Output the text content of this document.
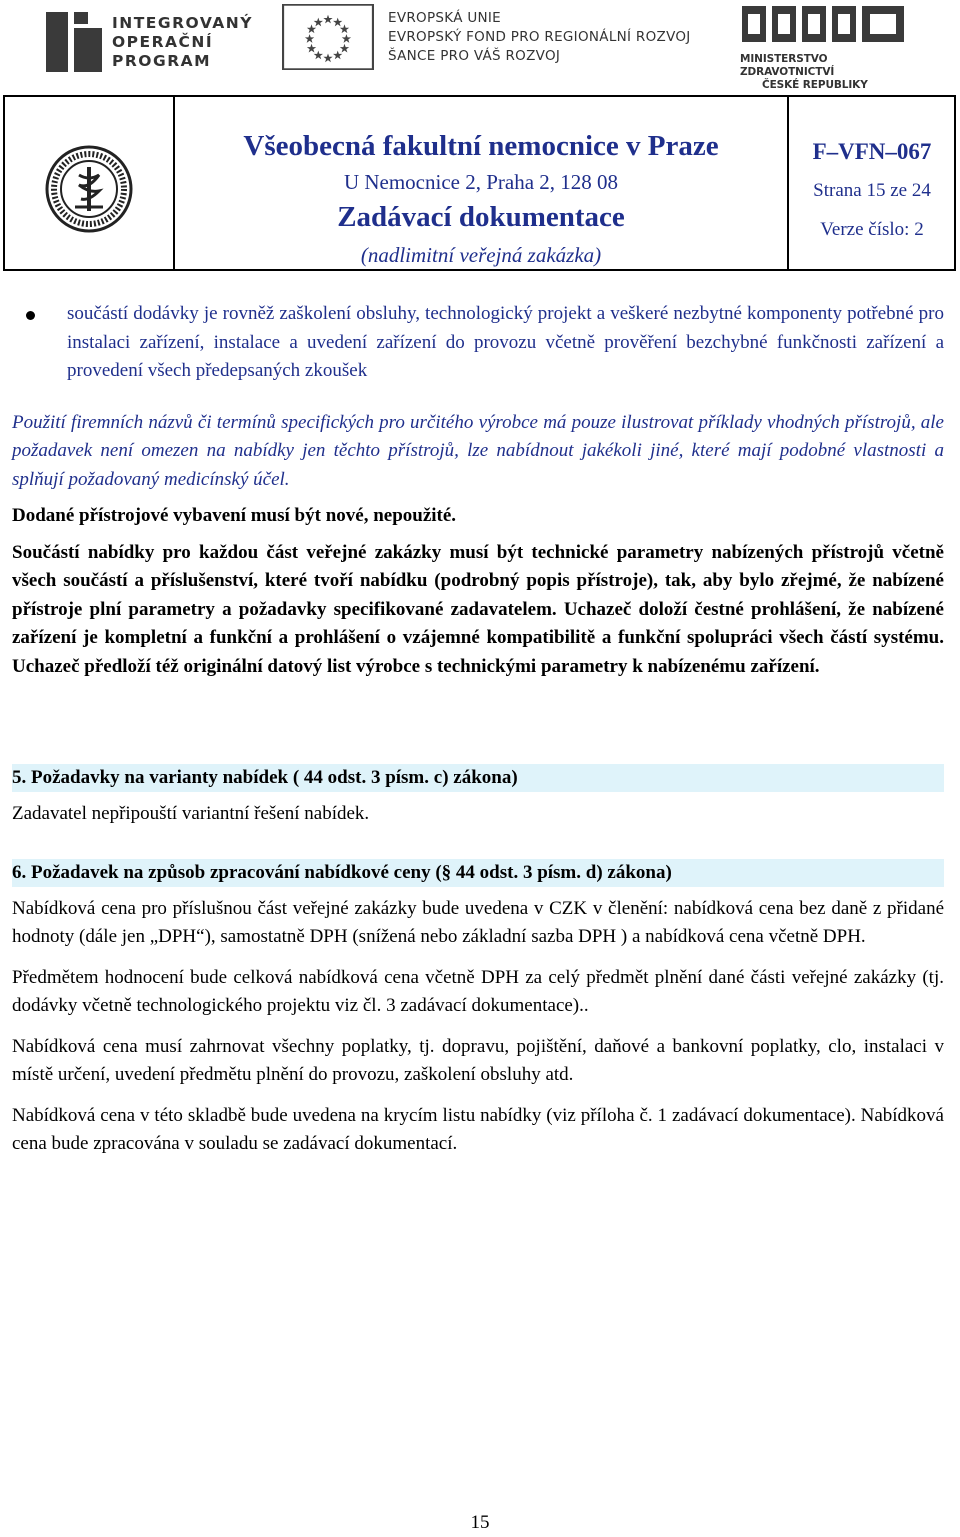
INTEGROVANÝ
OPERAČNÍ
PROGRAM
EVROPSKÁ UNIE
EVROPSKÝ FOND PRO REGIONÁLNÍ ROZVOJ
ŠANCE PRO VÁŠ ROZVOJ	MINISTERSTVO ZDRAVOTNICTVÍ
ČESKÉ REPUBLIKY
Všeobecná fakultní nemocnice v Praze
U Nemocnice 2, Praha 2, 128 08
Zadávací dokumentace
(nadlimitní veřejná zakázka)
F–VFN–067
Strana 15 ze 24
Verze číslo: 2

součástí dodávky je rovněž zaškolení obsluhy, technologický projekt a veškeré nezbytné komponenty potřebné pro instalaci zařízení, instalace a uvedení zařízení do provozu včetně prověření bezchybné funkčnosti zařízení a provedení všech předepsaných zkoušek

Použití firemních názvů či termínů specifických pro určitého výrobce má pouze ilustrovat příklady vhodných přístrojů, ale požadavek není omezen na nabídky jen těchto přístrojů, lze nabídnout jakékoli jiné, které mají podobné vlastnosti a splňují požadovaný medicínský účel.

Dodané přístrojové vybavení musí být nové, nepoužité.

Součástí nabídky pro každou část veřejné zakázky musí být technické parametry nabízených přístrojů včetně všech součástí a příslušenství, které tvoří nabídku (podrobný popis přístroje), tak, aby bylo zřejmé, že nabízené přístroje plní parametry a požadavky specifikované zadavatelem. Uchazeč doloží čestné prohlášení, že nabízené zařízení je kompletní a funkční a prohlášení o vzájemné kompatibilitě a funkční spolupráci všech částí systému. Uchazeč předloží též originální datový list výrobce s technickými parametry k nabízenému zařízení.

5. Požadavky na varianty nabídek ( 44 odst. 3 písm. c) zákona)

Zadavatel nepřipouští variantní řešení nabídek.

6. Požadavek na způsob zpracování nabídkové ceny (§ 44 odst. 3 písm. d) zákona)

Nabídková cena pro příslušnou část veřejné zakázky bude uvedena v CZK v členění: nabídková cena bez daně z přidané hodnoty (dále jen „DPH“), samostatně DPH (snížená nebo základní sazba DPH ) a nabídková cena včetně DPH.

Předmětem hodnocení bude celková nabídková cena včetně DPH za celý předmět plnění dané části veřejné zakázky (tj. dodávky včetně technologického projektu viz čl. 3 zadávací dokumentace)..

Nabídková cena musí zahrnovat všechny poplatky, tj. dopravu, pojištění, daňové a bankovní poplatky, clo, instalaci v místě určení, uvedení předmětu plnění do provozu, zaškolení obsluhy atd.

Nabídková cena v této skladbě bude uvedena na krycím listu nabídky (viz příloha č. 1 zadávací dokumentace). Nabídková cena bude zpracována v souladu se zadávací dokumentací.

15
